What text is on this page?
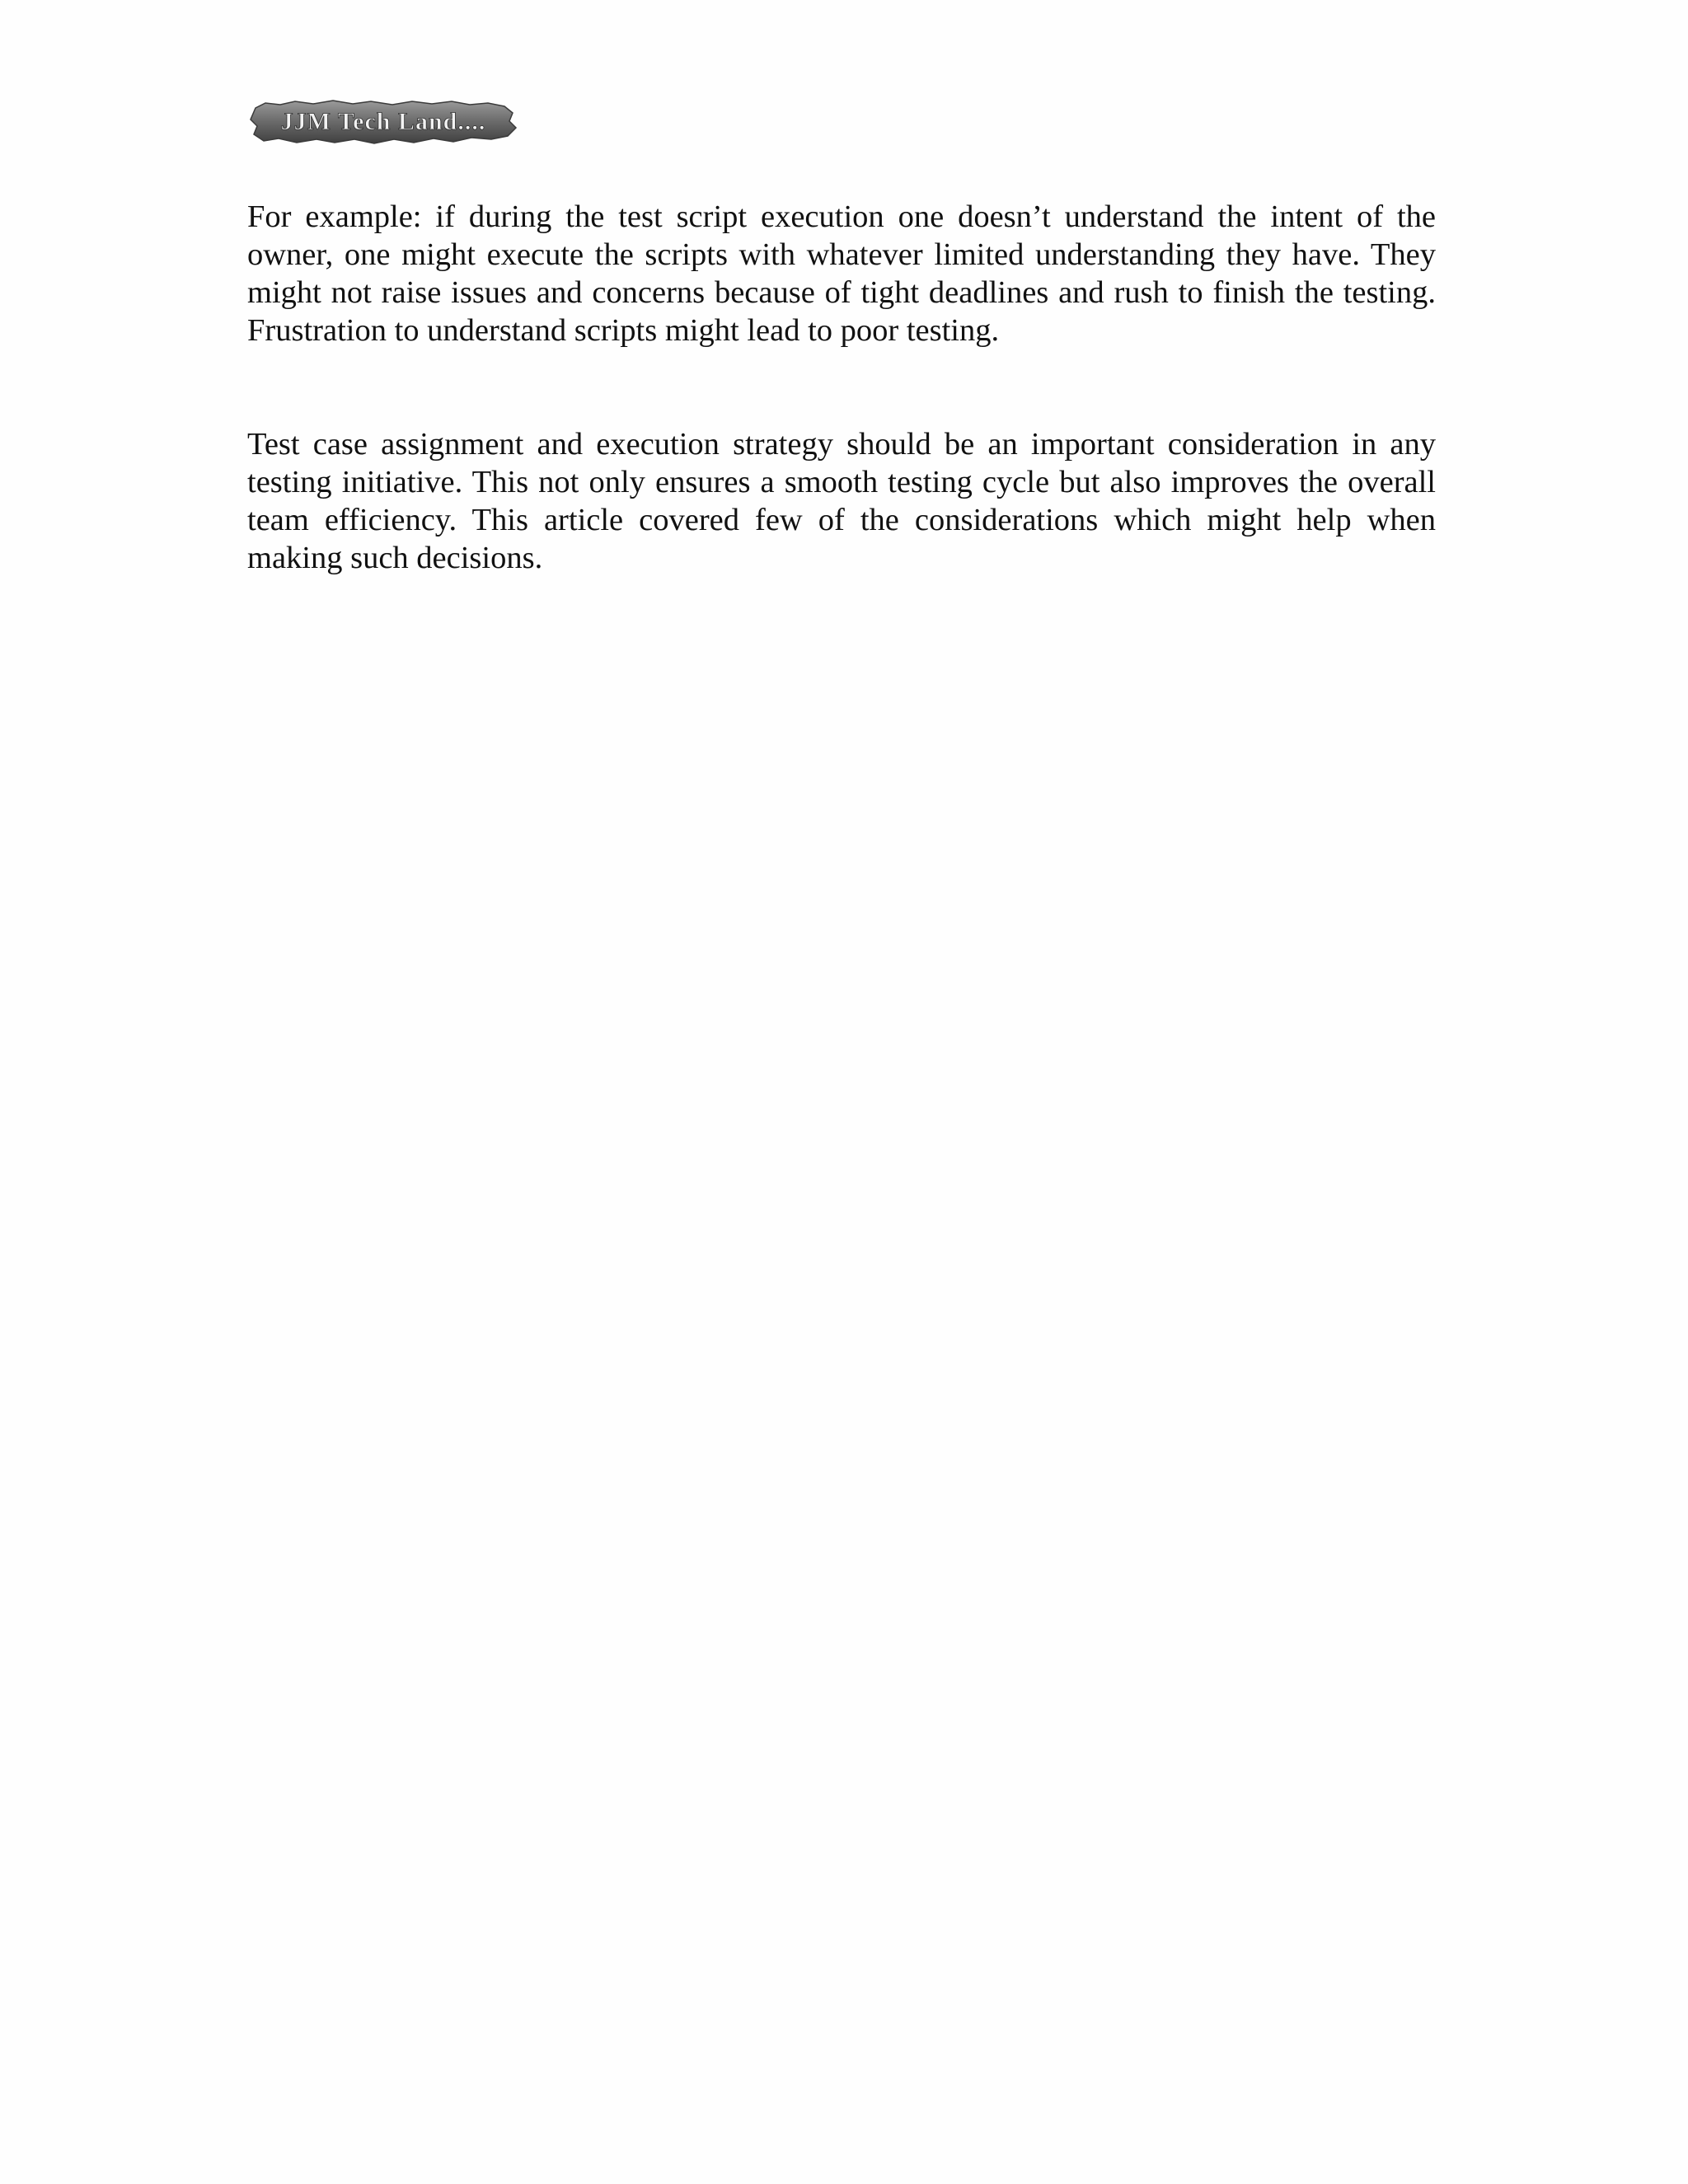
JJM Tech Land....

For example: if during the test script execution one doesn’t understand the intent of the owner, one might execute the scripts with whatever limited understanding they have. They might not raise issues and concerns because of tight deadlines and rush to finish the testing. Frustration to understand scripts might lead to poor testing.

Test case assignment and execution strategy should be an important consideration in any testing initiative. This not only ensures a smooth testing cycle but also improves the overall team efficiency. This article covered few of the considerations which might help when making such decisions.
